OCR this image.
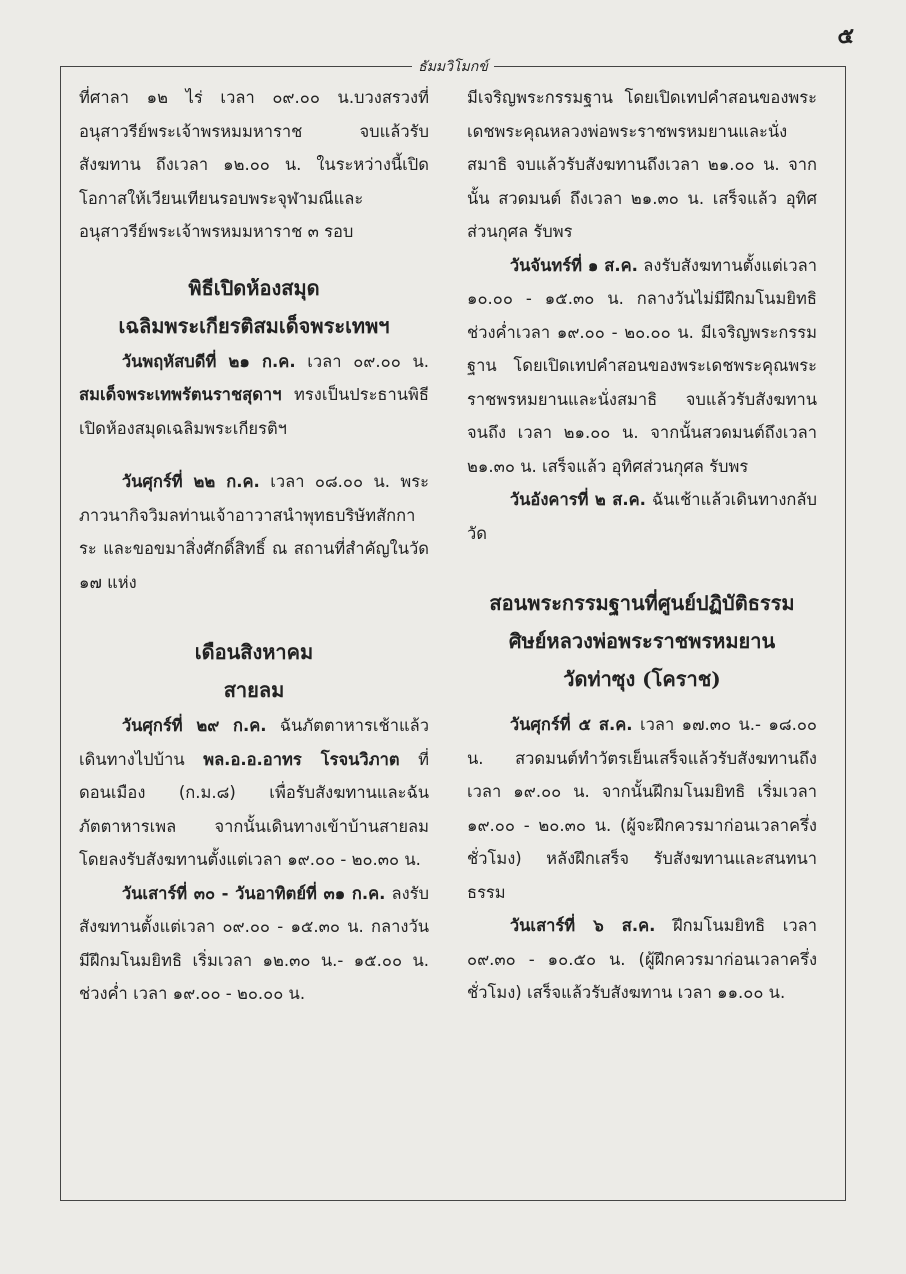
๕
ธัมมวิโมกข์

ที่ศาลา ๑๒ ไร่ เวลา ๐๙.๐๐ น.บวงสรวงที่อนุสาวรีย์พระเจ้าพรหมมหาราช จบแล้วรับสังฆทาน ถึงเวลา ๑๒.๐๐ น. ในระหว่างนี้เปิดโอกาสให้เวียนเทียนรอบพระจุฬามณีและอนุสาวรีย์พระเจ้าพรหมมหาราช ๓ รอบ

พิธีเปิดห้องสมุด
เฉลิมพระเกียรติสมเด็จพระเทพฯ

วันพฤหัสบดีที่ ๒๑ ก.ค. เวลา ๐๙.๐๐ น. สมเด็จพระเทพรัตนราชสุดาฯ ทรงเป็นประธานพิธีเปิดห้องสมุดเฉลิมพระเกียรติฯ

วันศุกร์ที่ ๒๒ ก.ค. เวลา ๐๘.๐๐ น. พระภาวนากิจวิมลท่านเจ้าอาวาสนำพุทธบริษัทสักการะ และขอขมาสิ่งศักดิ์สิทธิ์ ณ สถานที่สำคัญในวัด ๑๗ แห่ง

เดือนสิงหาคม
สายลม

วันศุกร์ที่ ๒๙ ก.ค. ฉันภัตตาหารเช้าแล้ว เดินทางไปบ้าน พล.อ.อ.อาทร โรจนวิภาต ที่ดอนเมือง (ก.ม.๘) เพื่อรับสังฆทานและฉันภัตตาหารเพล จากนั้นเดินทางเข้าบ้านสายลม โดยลงรับสังฆทานตั้งแต่เวลา ๑๙.๐๐ - ๒๐.๓๐ น.

วันเสาร์ที่ ๓๐ - วันอาทิตย์ที่ ๓๑ ก.ค. ลงรับสังฆทานตั้งแต่เวลา ๐๙.๐๐ - ๑๕.๓๐ น. กลางวันมีฝึกมโนมยิทธิ เริ่มเวลา ๑๒.๓๐ น.- ๑๕.๐๐ น. ช่วงค่ำ เวลา ๑๙.๐๐ - ๒๐.๐๐ น.

มีเจริญพระกรรมฐาน โดยเปิดเทปคำสอนของพระเดชพระคุณหลวงพ่อพระราชพรหมยานและนั่งสมาธิ จบแล้วรับสังฆทานถึงเวลา ๒๑.๐๐ น. จากนั้น สวดมนต์ ถึงเวลา ๒๑.๓๐ น. เสร็จแล้ว อุทิศส่วนกุศล รับพร

วันจันทร์ที่ ๑ ส.ค. ลงรับสังฆทานตั้งแต่เวลา ๑๐.๐๐ - ๑๕.๓๐ น. กลางวันไม่มีฝึกมโนมยิทธิ ช่วงค่ำเวลา ๑๙.๐๐ - ๒๐.๐๐ น. มีเจริญพระกรรมฐาน โดยเปิดเทปคำสอนของพระเดชพระคุณพระราชพรหมยานและนั่งสมาธิ จบแล้วรับสังฆทานจนถึง เวลา ๒๑.๐๐ น. จากนั้นสวดมนต์ถึงเวลา ๒๑.๓๐ น. เสร็จแล้ว อุทิศส่วนกุศล รับพร

วันอังคารที่ ๒ ส.ค. ฉันเช้าแล้วเดินทางกลับวัด

สอนพระกรรมฐานที่ศูนย์ปฏิบัติธรรม
ศิษย์หลวงพ่อพระราชพรหมยาน
วัดท่าซุง (โคราช)

วันศุกร์ที่ ๕ ส.ค. เวลา ๑๗.๓๐ น.- ๑๘.๐๐ น. สวดมนต์ทำวัตรเย็นเสร็จแล้วรับสังฆทานถึงเวลา ๑๙.๐๐ น. จากนั้นฝึกมโนมยิทธิ เริ่มเวลา ๑๙.๐๐ - ๒๐.๓๐ น. (ผู้จะฝึกควรมาก่อนเวลาครึ่งชั่วโมง) หลังฝึกเสร็จ รับสังฆทานและสนทนาธรรม

วันเสาร์ที่ ๖ ส.ค. ฝึกมโนมยิทธิ เวลา ๐๙.๓๐ - ๑๐.๕๐ น. (ผู้ฝึกควรมาก่อนเวลาครึ่งชั่วโมง) เสร็จแล้วรับสังฆทาน เวลา ๑๑.๐๐ น.
